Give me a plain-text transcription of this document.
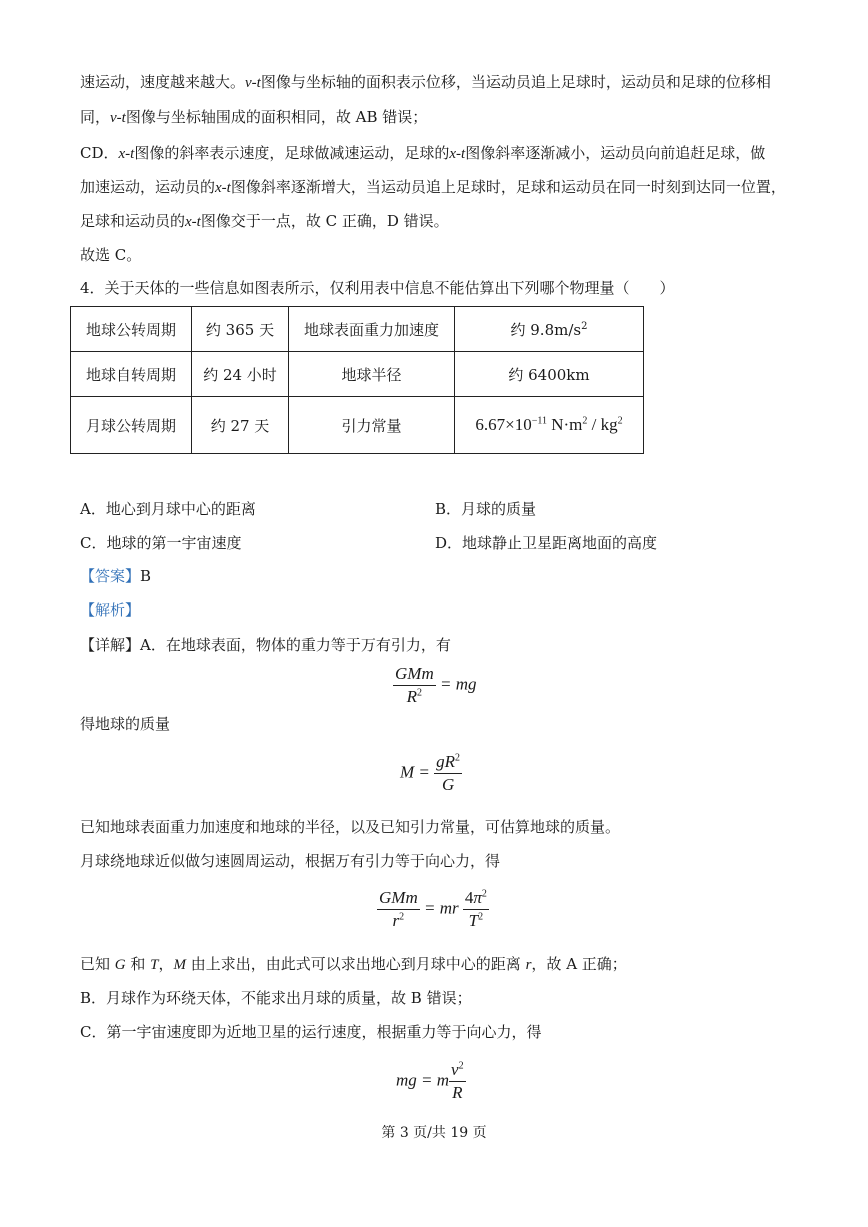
速运动，速度越来越大。v-t图像与坐标轴的面积表示位移，当运动员追上足球时，运动员和足球的位移相
同，v-t图像与坐标轴围成的面积相同，故 AB 错误；
CD．x-t图像的斜率表示速度，足球做减速运动，足球的x-t图像斜率逐渐减小，运动员向前追赶足球，做
加速运动，运动员的x-t图像斜率逐渐增大，当运动员追上足球时，足球和运动员在同一时刻到达同一位置，
足球和运动员的x-t图像交于一点，故 C 正确，D 错误。
故选 C。
4．关于天体的一些信息如图表所示，仅利用表中信息不能估算出下列哪个物理量（　　）
地球公转周期	约 365 天	地球表面重力加速度	约 $9.8m/s^2$
地球自转周期	约 24 小时	地球半径	约 6400km
月球公转周期	约 27 天	引力常量	$6.67\times 10^{-11}$ $N\cdot m^2 / kg^2$
A．地心到月球中心的距离	B．月球的质量
C．地球的第一宇宙速度	D．地球静止卫星距离地面的高度
【答案】B
【解析】
【详解】A．在地球表面，物体的重力等于万有引力，有
$\frac{\text{GMm}}{R^2}$ = mg
得地球的质量
$M = \frac{gR^2}{G}$
已知地球表面重力加速度和地球的半径，以及已知引力常量，可估算地球的质量。
月球绕地球近似做匀速圆周运动，根据万有引力等于向心力，得
$\frac{\text{GMm}}{r^2}$ = mr $\frac{4\pi^2}{T^2}$
已知 G 和 T，M 由上求出，由此式可以求出地心到月球中心的距离 r，故 A 正确；
B．月球作为环绕天体，不能求出月球的质量，故 B 错误；
C．第一宇宙速度即为近地卫星的运行速度，根据重力等于向心力，得
mg = m $\frac{v^2}{R}$
第 3 页/共 19 页
